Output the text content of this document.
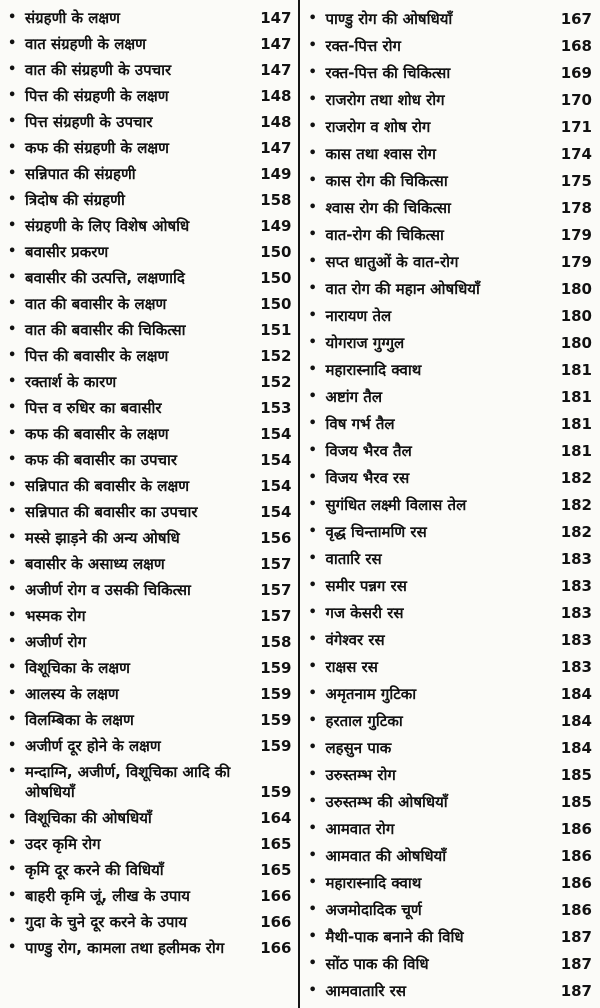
• संग्रहणी के लक्षण	147
• वात संग्रहणी के लक्षण	147
• वात की संग्रहणी के उपचार	147
• पित्त की संग्रहणी के लक्षण	148
• पित्त संग्रहणी के उपचार	148
• कफ की संग्रहणी के लक्षण	147
• सन्निपात की संग्रहणी	149
• त्रिदोष की संग्रहणी	158
• संग्रहणी के लिए विशेष ओषधि	149
• बवासीर प्रकरण	150
• बवासीर की उत्पत्ति, लक्षणादि	150
• वात की बवासीर के लक्षण	150
• वात की बवासीर की चिकित्सा	151
• पित्त की बवासीर के लक्षण	152
• रक्तार्श के कारण	152
• पित्त व रुधिर का बवासीर	153
• कफ की बवासीर के लक्षण	154
• कफ की बवासीर का उपचार	154
• सन्निपात की बवासीर के लक्षण	154
• सन्निपात की बवासीर का उपचार	154
• मस्से झाड़ने की अन्य ओषधि	156
• बवासीर के असाध्य लक्षण	157
• अजीर्ण रोग व उसकी चिकित्सा	157
• भस्मक रोग	157
• अजीर्ण रोग	158
• विशूचिका के लक्षण	159
• आलस्य के लक्षण	159
• विलम्बिका के लक्षण	159
• अजीर्ण दूर होने के लक्षण	159
• मन्दाग्नि, अजीर्ण, विशूचिका आदि की ओषधियाँ	159
• विशूचिका की ओषधियाँ	164
• उदर कृमि रोग	165
• कृमि दूर करने की विधियाँ	165
• बाहरी कृमि जूं, लीख के उपाय	166
• गुदा के चुने दूर करने के उपाय	166
• पाण्डु रोग, कामला तथा हलीमक रोग	166
• पाण्डु रोग की ओषधियाँ	167
• रक्त-पित्त रोग	168
• रक्त-पित्त की चिकित्सा	169
• राजरोग तथा शोध रोग	170
• राजरोग व शोष रोग	171
• कास तथा श्वास रोग	174
• कास रोग की चिकित्सा	175
• श्वास रोग की चिकित्सा	178
• वात-रोग की चिकित्सा	179
• सप्त धातुओं के वात-रोग	179
• वात रोग की महान ओषधियाँ	180
• नारायण तेल	180
• योगराज गुग्गुल	180
• महारास्नादि क्वाथ	181
• अष्टांग तैल	181
• विष गर्भ तैल	181
• विजय भैरव तैल	181
• विजय भैरव रस	182
• सुगंधित लक्ष्मी विलास तेल	182
• वृद्ध चिन्तामणि रस	182
• वातारि रस	183
• समीर पन्नग रस	183
• गज केसरी रस	183
• वंगेश्वर रस	183
• राक्षस रस	183
• अमृतनाम गुटिका	184
• हरताल गुटिका	184
• लहसुन पाक	184
• उरुस्तम्भ रोग	185
• उरुस्तम्भ की ओषधियाँ	185
• आमवात रोग	186
• आमवात की ओषधियाँ	186
• महारास्नादि क्वाथ	186
• अजमोदादिक चूर्ण	186
• मैथी-पाक बनाने की विधि	187
• सोंठ पाक की विधि	187
• आमवातारि रस	187
